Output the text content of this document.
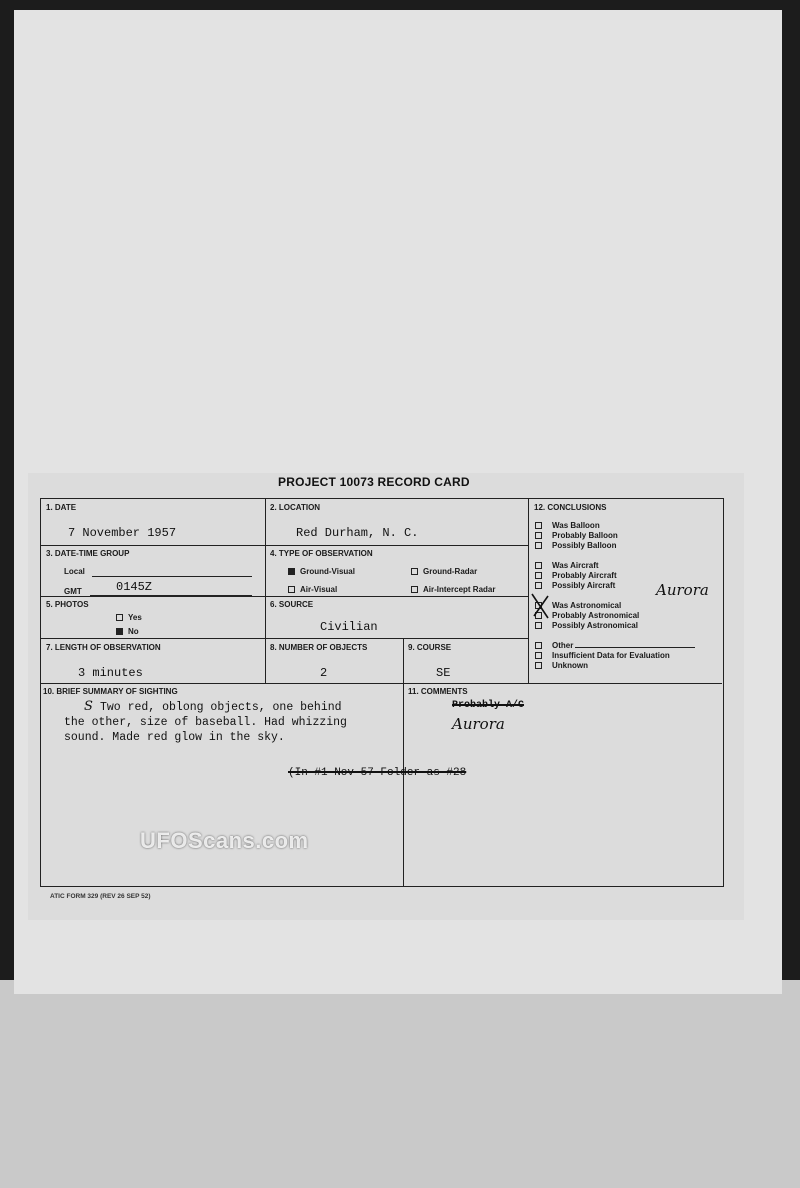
PROJECT 10073 RECORD CARD
1. DATE
7 November 1957
2. LOCATION
Red Durham, N. C.
3. DATE-TIME GROUP
Local
GMT	0145Z
4. TYPE OF OBSERVATION
Ground-Visual	Ground-Radar
Air-Visual	Air-Intercept Radar
5. PHOTOS
Yes
No
6. SOURCE
Civilian
7. LENGTH OF OBSERVATION
3 minutes
8. NUMBER OF OBJECTS
2
9. COURSE
SE
12. CONCLUSIONS
Was Balloon
Probably Balloon
Possibly Balloon
Was Aircraft
Probably Aircraft
Possibly Aircraft
Was Astronomical
Probably Astronomical
Possibly Astronomical
Other
Insufficient Data for Evaluation
Unknown
Aurora
10. BRIEF SUMMARY OF SIGHTING
S Two red, oblong objects, one behind
the other, size of baseball. Had whizzing
sound. Made red glow in the sky.
(In #1 Nov 57 Folder as #28
11. COMMENTS
Probably A/C
Aurora
UFOScans.com
ATIC FORM 329 (REV 26 SEP 52)
